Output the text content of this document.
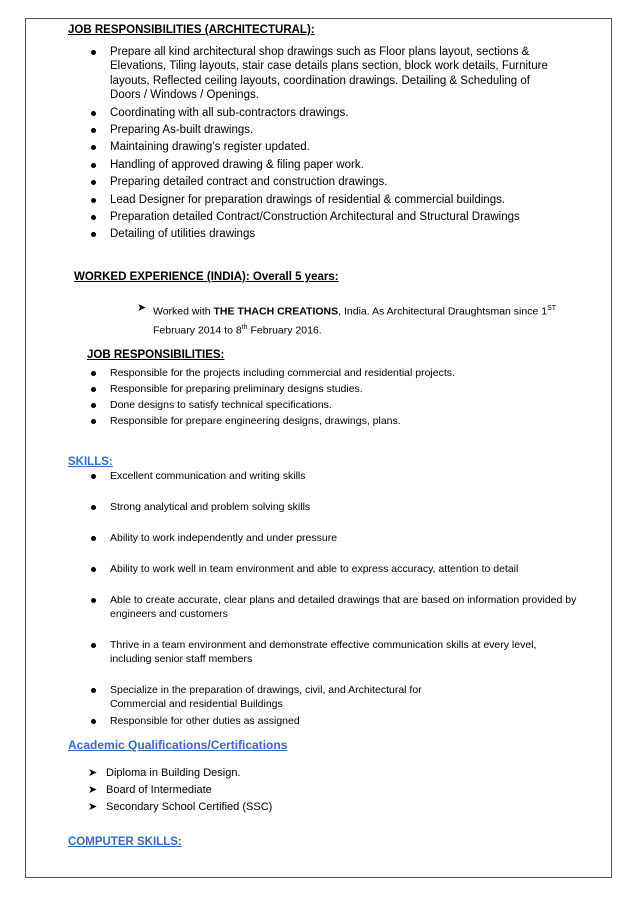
JOB RESPONSIBILITIES (ARCHITECTURAL):
Prepare all kind architectural shop drawings such as Floor plans layout, sections & Elevations, Tiling layouts, stair case details plans section, block work details, Furniture layouts, Reflected ceiling layouts, coordination drawings. Detailing & Scheduling of Doors / Windows / Openings.
Coordinating with all sub-contractors drawings.
Preparing As-built drawings.
Maintaining drawing’s register updated.
Handling of approved drawing & filing paper work.
Preparing detailed contract and construction drawings.
Lead Designer for preparation drawings of residential & commercial buildings.
Preparation detailed Contract/Construction Architectural and Structural Drawings
Detailing of utilities drawings
WORKED EXPERIENCE (INDIA): Overall 5 years:
➤ Worked with THE THACH CREATIONS, India. As Architectural Draughtsman since 1ST
February 2014 to 8th February 2016.
JOB RESPONSIBILITIES:
Responsible for the projects including commercial and residential projects.
Responsible for preparing preliminary designs studies.
Done designs to satisfy technical specifications.
Responsible for prepare engineering designs, drawings, plans.
SKILLS:
Excellent communication and writing skills
Strong analytical and problem solving skills
Ability to work independently and under pressure
Ability to work well in team environment and able to express accuracy, attention to detail
Able to create accurate, clear plans and detailed drawings that are based on information provided by engineers and customers
Thrive in a team environment and demonstrate effective communication skills at every level, including senior staff members
Specialize in the preparation of drawings, civil, and Architectural for Commercial and residential Buildings
Responsible for other duties as assigned
Academic Qualifications/Certifications
➤ Diploma in Building Design.
➤ Board of Intermediate
➤ Secondary School Certified (SSC)
COMPUTER SKILLS:
